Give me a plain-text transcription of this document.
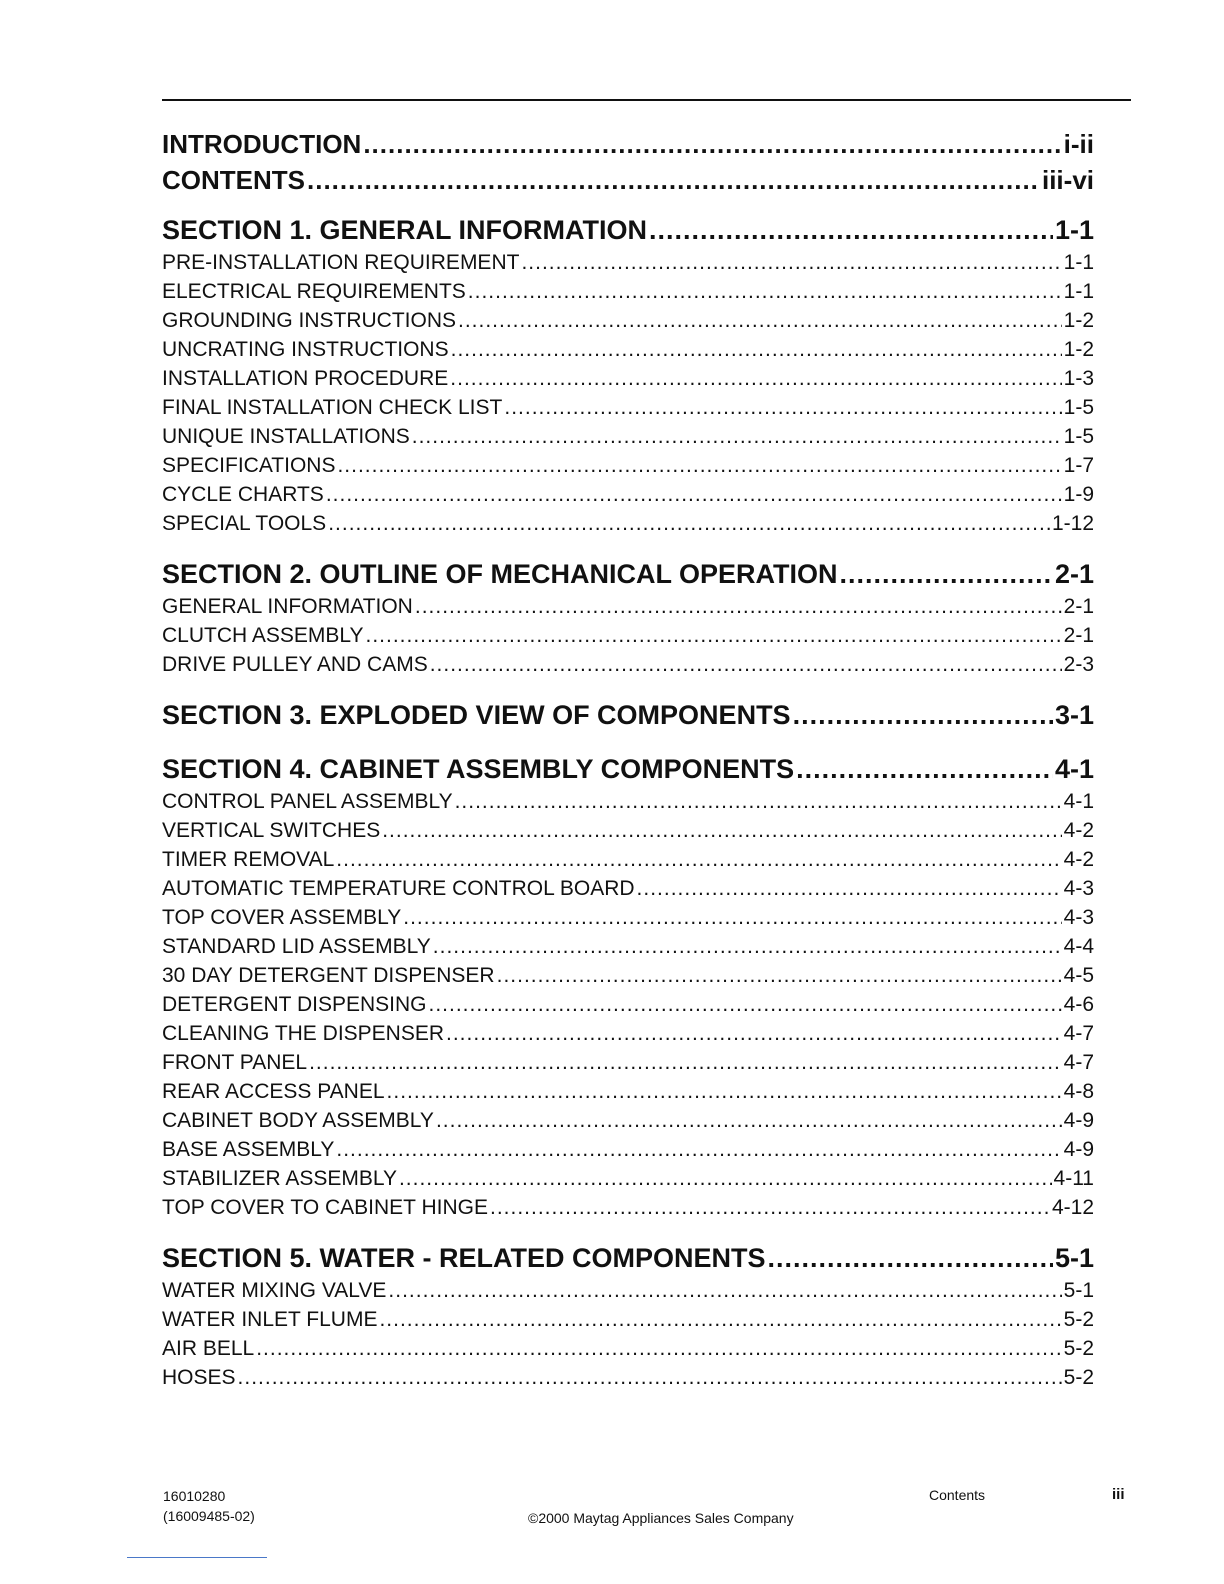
INTRODUCTION .....	i-ii
CONTENTS .....	iii-vi
SECTION 1. GENERAL INFORMATION .....	1-1
PRE-INSTALLATION REQUIREMENT .....	1-1
ELECTRICAL REQUIREMENTS .....	1-1
GROUNDING INSTRUCTIONS .....	1-2
UNCRATING INSTRUCTIONS .....	1-2
INSTALLATION PROCEDURE .....	1-3
FINAL INSTALLATION CHECK LIST .....	1-5
UNIQUE INSTALLATIONS .....	1-5
SPECIFICATIONS .....	1-7
CYCLE CHARTS .....	1-9
SPECIAL TOOLS .....	1-12
SECTION 2. OUTLINE OF MECHANICAL OPERATION .....	2-1
GENERAL INFORMATION .....	2-1
CLUTCH ASSEMBLY .....	2-1
DRIVE PULLEY AND CAMS .....	2-3
SECTION 3. EXPLODED VIEW OF COMPONENTS .....	3-1
SECTION 4. CABINET ASSEMBLY COMPONENTS .....	4-1
CONTROL PANEL ASSEMBLY .....	4-1
VERTICAL SWITCHES .....	4-2
TIMER REMOVAL .....	4-2
AUTOMATIC TEMPERATURE CONTROL BOARD .....	4-3
TOP COVER ASSEMBLY .....	4-3
STANDARD LID ASSEMBLY .....	4-4
30 DAY DETERGENT DISPENSER .....	4-5
DETERGENT DISPENSING .....	4-6
CLEANING THE DISPENSER .....	4-7
FRONT PANEL .....	4-7
REAR ACCESS PANEL .....	4-8
CABINET BODY ASSEMBLY .....	4-9
BASE ASSEMBLY .....	4-9
STABILIZER ASSEMBLY .....	4-11
TOP COVER TO CABINET HINGE .....	4-12
SECTION 5. WATER - RELATED COMPONENTS .....	5-1
WATER MIXING VALVE .....	5-1
WATER INLET FLUME .....	5-2
AIR BELL .....	5-2
HOSES .....	5-2
16010280
(16009485-02)	©2000 Maytag Appliances Sales Company
Contents	iii
